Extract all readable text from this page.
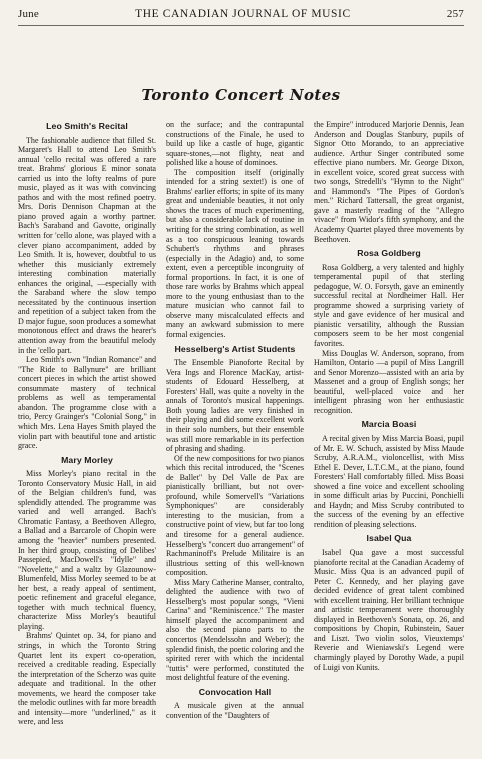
June	THE CANADIAN JOURNAL OF MUSIC	257
Toronto Concert Notes
Leo Smith's Recital

The fashionable audience that filled St. Margaret's Hall to attend Leo Smith's annual 'cello recital was offered a rare treat. Brahms' glorious E minor sonata carried us into the lofty realms of pure music, played as it was with convincing pathos and with the most refined poetry. Mrs. Doris Dennison Chapman at the piano proved again a worthy partner. Bach's Saraband and Gavotte, originally written for 'cello alone, was played with a clever piano accompaniment, added by Leo Smith. It is, however, doubtful to us whether this musicianly extremely interesting combination materially enhances the original, —especially with the Saraband where the slow tempo necessitated by the continuous insertion and repetition of a subject taken from the D major fugue, soon produces a somewhat monotonous effect and draws the hearer's attention away from the beautiful melody in the 'cello part.

Leo Smith's own "Indian Romance" and "The Ride to Ballynure" are brilliant concert pieces in which the artist showed consummate mastery of technical problems as well as temperamental abandon. The programme close with a trio, Percy Grainger's "Colonial Song," in which Mrs. Lena Hayes Smith played the violin part with beautiful tone and artistic grace.

Mary Morley

Miss Morley's piano recital in the Toronto Conservatory Music Hall, in aid of the Belgian children's fund, was splendidly attended. The programme was varied and well arranged. Bach's Chromatic Fantasy, a Beethoven Allegro, a Ballad and a Barcarole of Chopin were among the "heavier" numbers presented. In her third group, consisting of Delibes' Passepied, MacDowell's "Idylle" and "Novelette," and a waltz by Glazounow-Blumenfeld, Miss Morley seemed to be at her best, a ready appeal of sentiment, poetic refinement and graceful elegance, together with much technical fluency, characterize Miss Morley's beautiful playing.

Brahms' Quintet op. 34, for piano and strings, in which the Toronto String Quartet lent its expert co-operation, received a creditable reading. Especially the interpretation of the Scherzo was quite adequate and traditional. In the other movements, we heard the composer take the melodic outlines with far more breadth and intensity—more "underlined," as it were, and less

on the surface; and the contrapuntal constructions of the Finale, he used to build up like a castle of huge, gigantic square-stones,—not flighty, neat and polished like a house of dominoes.

The composition itself (originally intended for a string sextet!) is one of Brahms' earlier efforts; in spite of its many great and undeniable beauties, it not only shows the traces of much experimenting, but also a considerable lack of routine in writing for the string combination, as well as a too conspicuous leaning towards Schubert's rhythms and phrases (especially in the Adagio) and, to some extent, even a perceptible incongruity of formal proportions. In fact, it is one of those rare works by Brahms which appeal more to the young enthusiast than to the mature musician who cannot fail to observe many miscalculated effects and many an awkward submission to mere formal exigencies.

Hesselberg's Artist Students

The Ensemble Pianoforte Recital by Vera Ings and Florence MacKay, artist-students of Edouard Hesselberg, at Foresters' Hall, was quite a novelty in the annals of Toronto's musical happenings. Both young ladies are very finished in their playing and did some excellent work in their solo numbers, but their ensemble was still more remarkable in its perfection of phrasing and shading.

Of the new compositions for two pianos which this recital introduced, the "Scenes de Ballet" by Del Valle de Pax are pianistically brilliant, but not over-profound, while Somervell's "Variations Symphoniques" are considerably interesting to the musician, from a constructive point of view, but far too long and tiresome for a general audience. Hesselberg's "concert duo arrangement" of Rachmaninoff's Prelude Militaire is an illustrious setting of this well-known composition.

Miss Mary Catherine Manser, contralto, delighted the audience with two of Hesselberg's most popular songs, "Vieni Carina" and "Reminiscence." The master himself played the accompaniment and also the second piano parts to the concertos (Mendelssohn and Weber); the splendid finish, the poetic coloring and the spirited rerer with which the incidental "tuttis" were performed, constituted the most delightful feature of the evening.

Convocation Hall

A musicale given at the annual convention of the "Daughters of

the Empire" introduced Marjorie Dennis, Jean Anderson and Douglas Stanbury, pupils of Signor Otto Morando, to an appreciative audience. Arthur Singer contributed some effective piano numbers. Mr. George Dixon, in excellent voice, scored great success with two songs, Stredelli's "Hymn to the Night" and Hammond's "The Pipes of Gordon's men." Richard Tattersall, the great organist, gave a masterly reading of the "Allegro vivace" from Widor's fifth symphony, and the Academy Quartet played three movements by Beethoven.

Rosa Goldberg

Rosa Goldberg, a very talented and highly temperamental pupil of that sterling pedagogue, W. O. Forsyth, gave an eminently successful recital at Nordheimer Hall. Her programme showed a surprising variety of style and gave evidence of her musical and pianistic versatility, although the Russian composers seem to be her most congenial favorites.

Miss Douglas W. Anderson, soprano, from Hamilton, Ontario —a pupil of Miss Langrill and Senor Morenzo—assisted with an aria by Massenet and a group of English songs; her beautiful, well-placed voice and her intelligent phrasing won her enthusiastic recognition.

Marcia Boasi

A recital given by Miss Marcia Boasi, pupil of Mr. E. W. Schuch, assisted by Miss Maude Scruby, A.R.A.M., violoncellist, with Miss Ethel E. Dever, L.T.C.M., at the piano, found Foresters' Hall comfortably filled. Miss Boasi showed a fine voice and excellent schooling in some difficult arias by Puccini, Ponchielli and Haydn; and Miss Scruby contributed to the success of the evening by an effective rendition of pleasing selections.

Isabel Qua

Isabel Qua gave a most successful pianoforte recital at the Canadian Academy of Music. Miss Qua is an advanced pupil of Peter C. Kennedy, and her playing gave decided evidence of great talent combined with excellent training. Her brilliant technique and artistic temperament were thoroughly displayed in Beethoven's Sonata, op. 26, and compositions by Chopin, Rubinstein, Sauer and Liszt. Two violin solos, Vieuxtemps' Reverie and Wieniawski's Legend were charmingly played by Dorothy Wade, a pupil of Luigi von Kunits.
